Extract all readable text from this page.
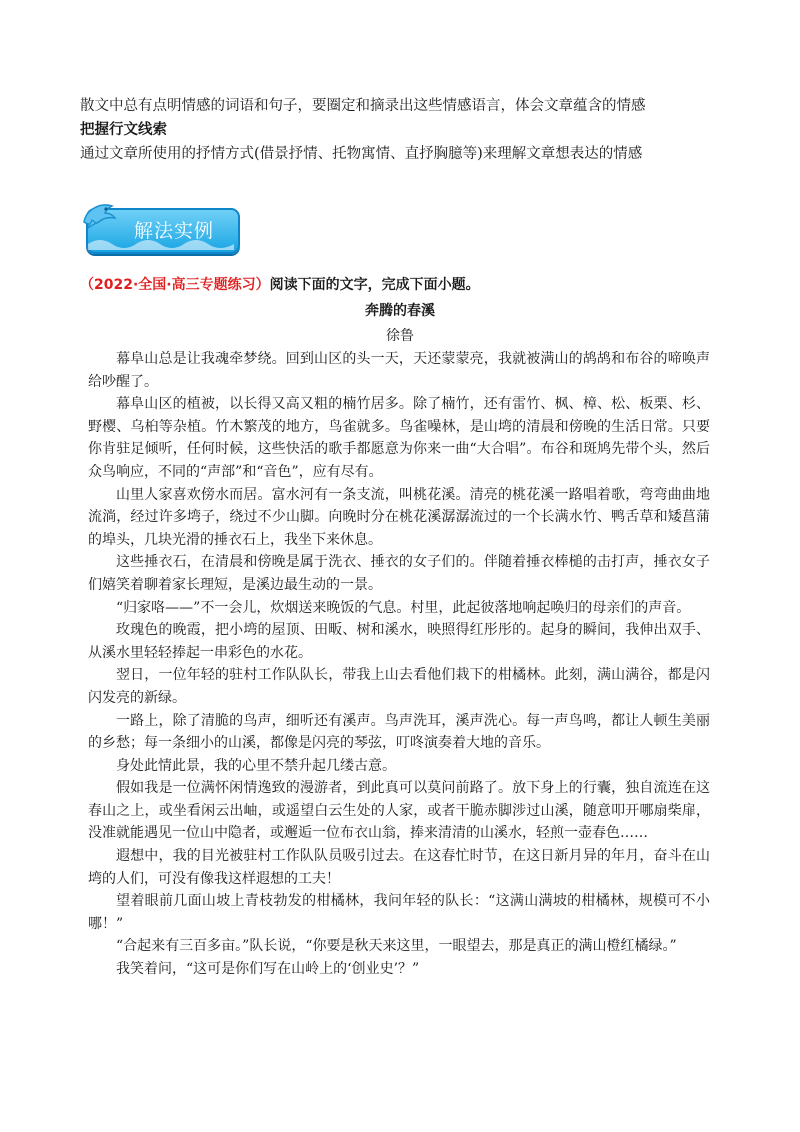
散文中总有点明情感的词语和句子，要圈定和摘录出这些情感语言，体会文章蕴含的情感

把握行文线索

通过文章所使用的抒情方式(借景抒情、托物寓情、直抒胸臆等)来理解文章想表达的情感

解法实例
（2022·全国·高三专题练习）阅读下面的文字，完成下面小题。
奔腾的春溪
徐鲁

幕阜山总是让我魂牵梦绕。回到山区的头一天，天还蒙蒙亮，我就被满山的鸪鸪和布谷的啼唤声给吵醒了。

幕阜山区的植被，以长得又高又粗的楠竹居多。除了楠竹，还有雷竹、枫、樟、松、板栗、杉、野樱、乌桕等杂植。竹木繁茂的地方，鸟雀就多。鸟雀噪林，是山塆的清晨和傍晚的生活日常。只要你肯驻足倾听，任何时候，这些快活的歌手都愿意为你来一曲“大合唱”。布谷和斑鸠先带个头，然后众鸟响应，不同的“声部”和“音色”，应有尽有。

山里人家喜欢傍水而居。富水河有一条支流，叫桃花溪。清亮的桃花溪一路唱着歌，弯弯曲曲地流淌，经过许多塆子，绕过不少山脚。向晚时分在桃花溪潺潺流过的一个长满水竹、鸭舌草和矮菖蒲的埠头，几块光滑的捶衣石上，我坐下来休息。

这些捶衣石，在清晨和傍晚是属于洗衣、捶衣的女子们的。伴随着捶衣棒槌的击打声，捶衣女子们嬉笑着聊着家长理短，是溪边最生动的一景。

“归家咯——”不一会儿，炊烟送来晚饭的气息。村里，此起彼落地响起唤归的母亲们的声音。

玫瑰色的晚霞，把小塆的屋顶、田畈、树和溪水，映照得红彤彤的。起身的瞬间，我伸出双手、从溪水里轻轻捧起一串彩色的水花。

翌日，一位年轻的驻村工作队队长，带我上山去看他们栽下的柑橘林。此刻，满山满谷，都是闪闪发亮的新绿。

一路上，除了清脆的鸟声，细听还有溪声。鸟声洗耳，溪声洗心。每一声鸟鸣，都让人顿生美丽的乡愁；每一条细小的山溪，都像是闪亮的琴弦，叮咚演奏着大地的音乐。

身处此情此景，我的心里不禁升起几缕古意。

假如我是一位满怀闲情逸致的漫游者，到此真可以莫问前路了。放下身上的行囊，独自流连在这春山之上，或坐看闲云出岫，或遥望白云生处的人家，或者干脆赤脚涉过山溪，随意叩开哪扇柴扉，没准就能遇见一位山中隐者，或邂逅一位布衣山翁，捧来清清的山溪水，轻煎一壶春色……

遐想中，我的目光被驻村工作队队员吸引过去。在这春忙时节，在这日新月异的年月，奋斗在山塆的人们，可没有像我这样遐想的工夫！

望着眼前几面山坡上青枝勃发的柑橘林，我问年轻的队长：“这满山满坡的柑橘林，规模可不小哪！”

“合起来有三百多亩。”队长说，“你要是秋天来这里，一眼望去，那是真正的满山橙红橘绿。”

我笑着问，“这可是你们写在山岭上的‘创业史’？”
